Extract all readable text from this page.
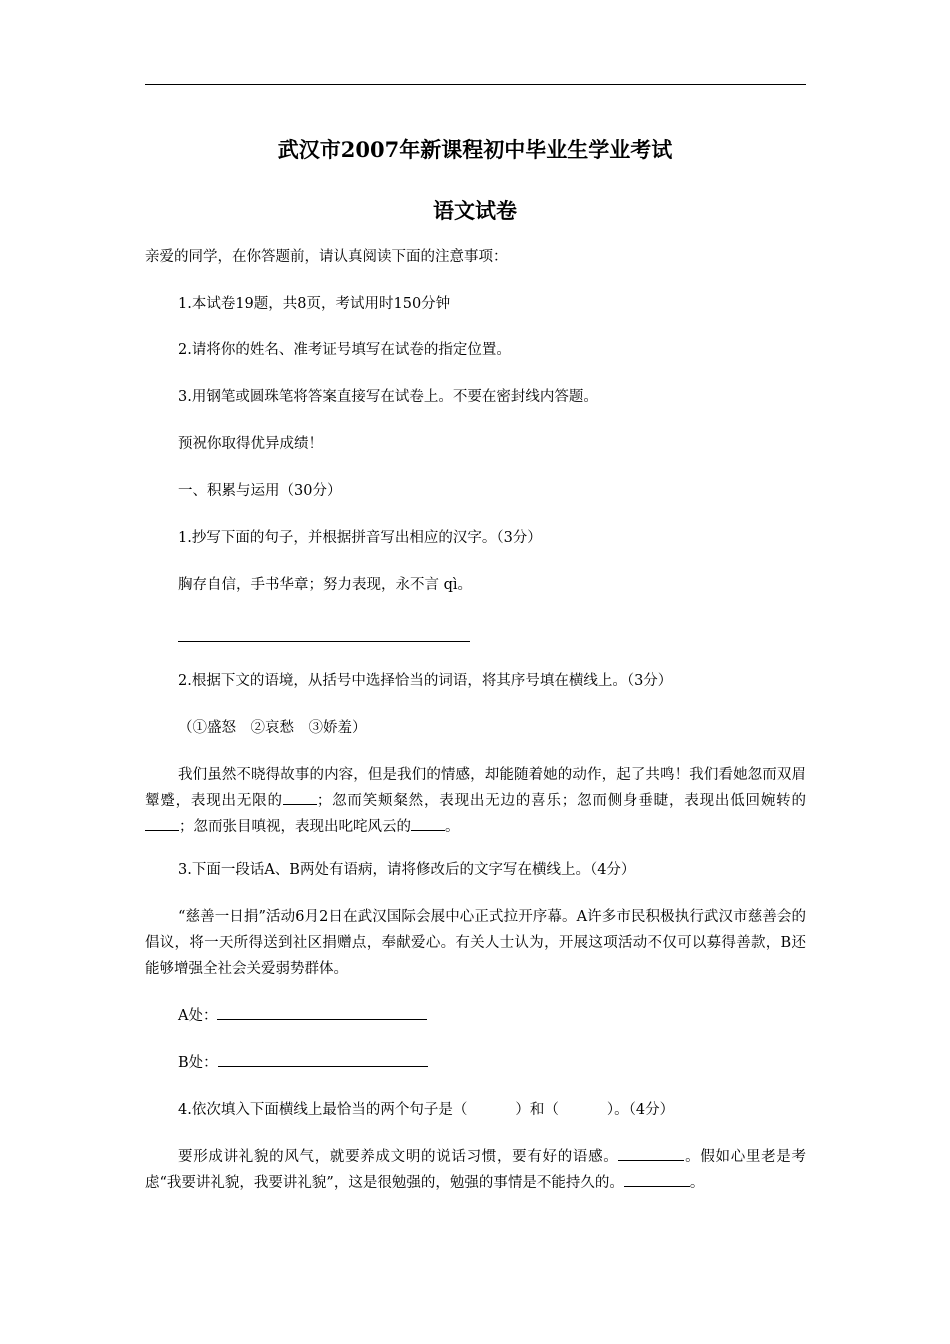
武汉市2007年新课程初中毕业生学业考试
语文试卷
亲爱的同学，在你答题前，请认真阅读下面的注意事项：
1.本试卷19题，共8页，考试用时150分钟
2.请将你的姓名、准考证号填写在试卷的指定位置。
3.用钢笔或圆珠笔将答案直接写在试卷上。不要在密封线内答题。
预祝你取得优异成绩！
一、积累与运用（30分）
1.抄写下面的句子，并根据拼音写出相应的汉字。（3分）
胸存自信，手书华章；努力表现，永不言 qì。
2.根据下文的语境，从括号中选择恰当的词语，将其序号填在横线上。（3分）
（①盛怒　②哀愁　③娇羞）
我们虽然不晓得故事的内容，但是我们的情感，却能随着她的动作，起了共鸣！我们看她忽而双眉颦蹙，表现出无限的 ；忽而笑颊粲然，表现出无边的喜乐；忽而侧身垂睫，表现出低回婉转的；忽而张目嗔视，表现出叱咤风云的 。
3.下面一段话A、B两处有语病，请将修改后的文字写在横线上。（4分）
“慈善一日捐”活动6月2日在武汉国际会展中心正式拉开序幕。A许多市民积极执行武汉市慈善会的倡议，将一天所得送到社区捐赠点，奉献爱心。有关人士认为，开展这项活动不仅可以募得善款，B还能够增强全社会关爱弱势群体。
A处：
B处：
4.依次填入下面横线上最恰当的两个句子是（	）和（	）。（4分）
要形成讲礼貌的风气，就要养成文明的说话习惯，要有好的语感。	。假如心里老是考虑“我要讲礼貌，我要讲礼貌”，这是很勉强的，勉强的事情是不能持久的。	。
